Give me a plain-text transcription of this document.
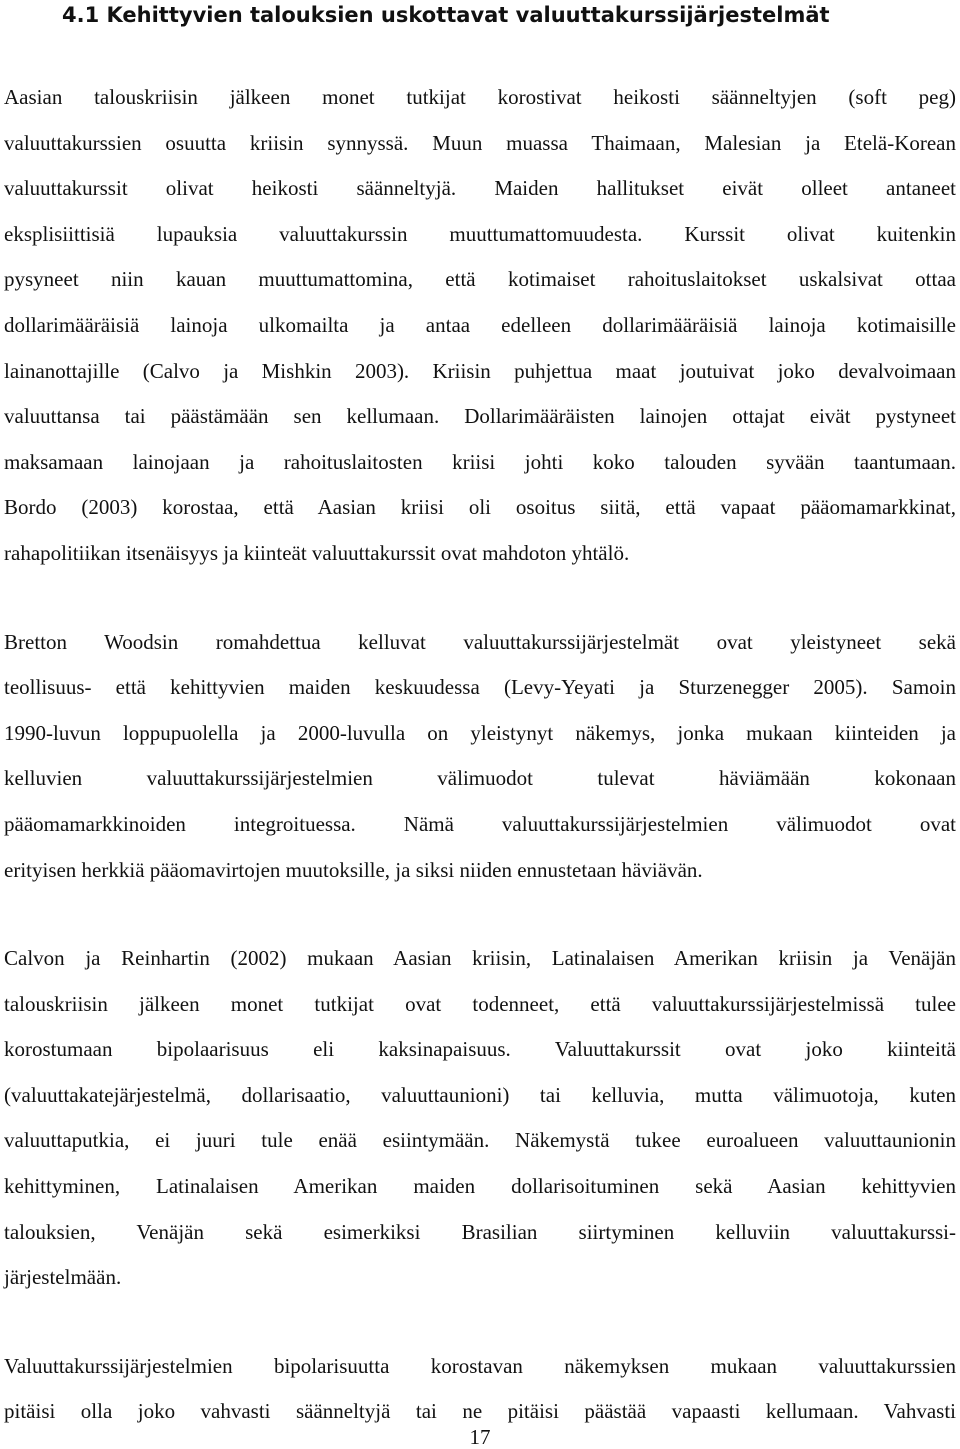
4.1 Kehittyvien talouksien uskottavat valuuttakurssijärjestelmät
Aasian talouskriisin jälkeen monet tutkijat korostivat heikosti säänneltyjen (soft peg)
valuuttakurssien osuutta kriisin synnyssä. Muun muassa Thaimaan, Malesian ja Etelä-Korean
valuuttakurssit olivat heikosti säänneltyjä. Maiden hallitukset eivät olleet antaneet
eksplisiittisiä lupauksia valuuttakurssin muuttumattomuudesta. Kurssit olivat kuitenkin
pysyneet niin kauan muuttumattomina, että kotimaiset rahoituslaitokset uskalsivat ottaa
dollarimääräisiä lainoja ulkomailta ja antaa edelleen dollarimääräisiä lainoja kotimaisille
lainanottajille (Calvo ja Mishkin 2003). Kriisin puhjettua maat joutuivat joko devalvoimaan
valuuttansa tai päästämään sen kellumaan. Dollarimääräisten lainojen ottajat eivät pystyneet
maksamaan lainojaan ja rahoituslaitosten kriisi johti koko talouden syvään taantumaan.
Bordo (2003) korostaa, että Aasian kriisi oli osoitus siitä, että vapaat pääomamarkkinat,
rahapolitiikan itsenäisyys ja kiinteät valuuttakurssit ovat mahdoton yhtälö.
Bretton Woodsin romahdettua kelluvat valuuttakurssijärjestelmät ovat yleistyneet sekä
teollisuus- että kehittyvien maiden keskuudessa (Levy-Yeyati ja Sturzenegger 2005). Samoin
1990-luvun loppupuolella ja 2000-luvulla on yleistynyt näkemys, jonka mukaan kiinteiden ja
kelluvien valuuttakurssijärjestelmien välimuodot tulevat häviämään kokonaan
pääomamarkkinoiden integroituessa. Nämä valuuttakurssijärjestelmien välimuodot ovat
erityisen herkkiä pääomavirtojen muutoksille, ja siksi niiden ennustetaan häviävän.
Calvon ja Reinhartin (2002) mukaan Aasian kriisin, Latinalaisen Amerikan kriisin ja Venäjän
talouskriisin jälkeen monet tutkijat ovat todenneet, että valuuttakurssijärjestelmissä tulee
korostumaan bipolaarisuus eli kaksinapaisuus. Valuuttakurssit ovat joko kiinteitä
(valuuttakatejärjestelmä, dollarisaatio, valuuttaunioni) tai kelluvia, mutta välimuotoja, kuten
valuuttaputkia, ei juuri tule enää esiintymään. Näkemystä tukee euroalueen valuuttaunionin
kehittyminen, Latinalaisen Amerikan maiden dollarisoituminen sekä Aasian kehittyvien
talouksien, Venäjän sekä esimerkiksi Brasilian siirtyminen kelluviin valuuttakurssi-
järjestelmään.
Valuuttakurssijärjestelmien bipolarisuutta korostavan näkemyksen mukaan valuuttakurssien
pitäisi olla joko vahvasti säänneltyjä tai ne pitäisi päästää vapaasti kellumaan. Vahvasti
17
